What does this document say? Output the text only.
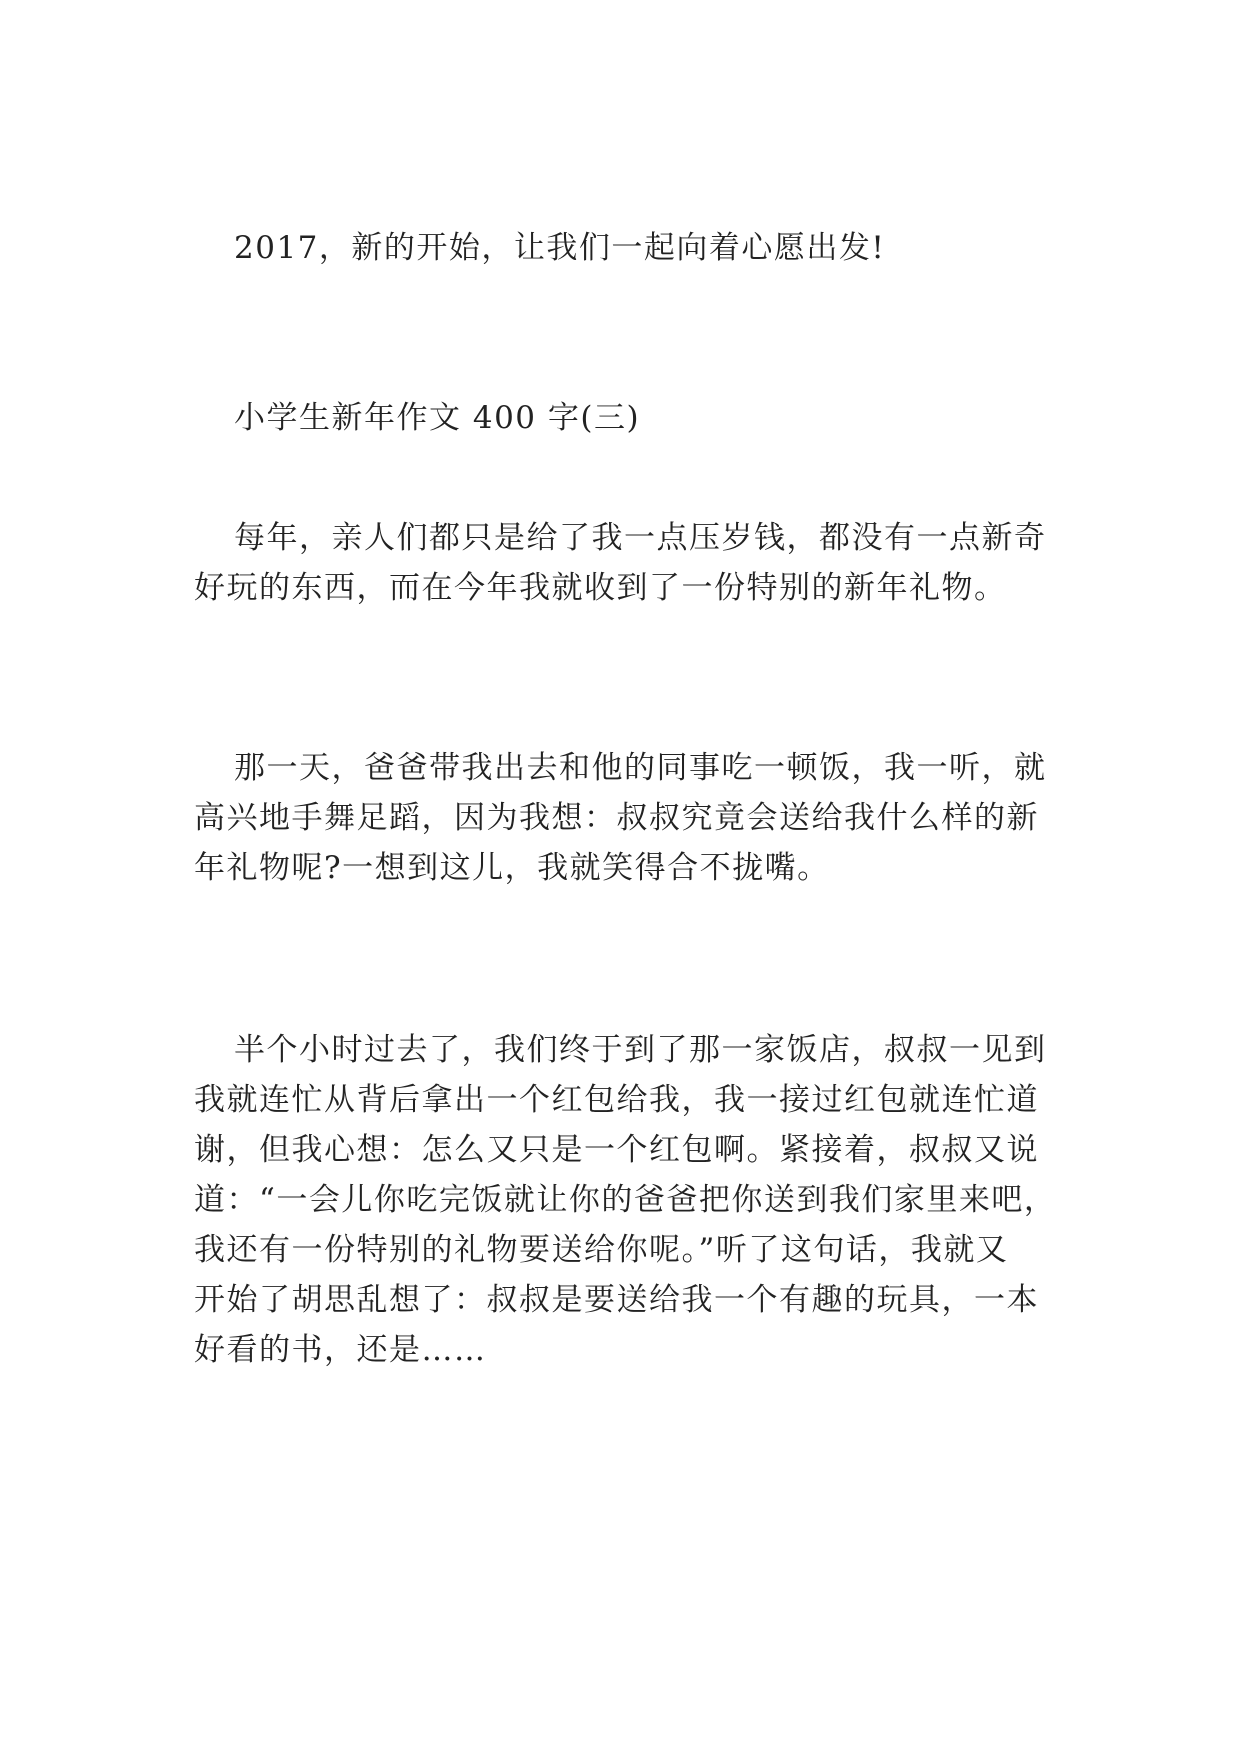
2017，新的开始，让我们一起向着心愿出发!
小学生新年作文 400 字(三)
每年，亲人们都只是给了我一点压岁钱，都没有一点新奇
好玩的东西，而在今年我就收到了一份特别的新年礼物。
那一天，爸爸带我出去和他的同事吃一顿饭，我一听，就
高兴地手舞足蹈，因为我想：叔叔究竟会送给我什么样的新
年礼物呢?一想到这儿，我就笑得合不拢嘴。
半个小时过去了，我们终于到了那一家饭店，叔叔一见到
我就连忙从背后拿出一个红包给我，我一接过红包就连忙道
谢，但我心想：怎么又只是一个红包啊。紧接着，叔叔又说
道：“一会儿你吃完饭就让你的爸爸把你送到我们家里来吧，
我还有一份特别的礼物要送给你呢。”听了这句话，我就又
开始了胡思乱想了：叔叔是要送给我一个有趣的玩具，一本
好看的书，还是……
